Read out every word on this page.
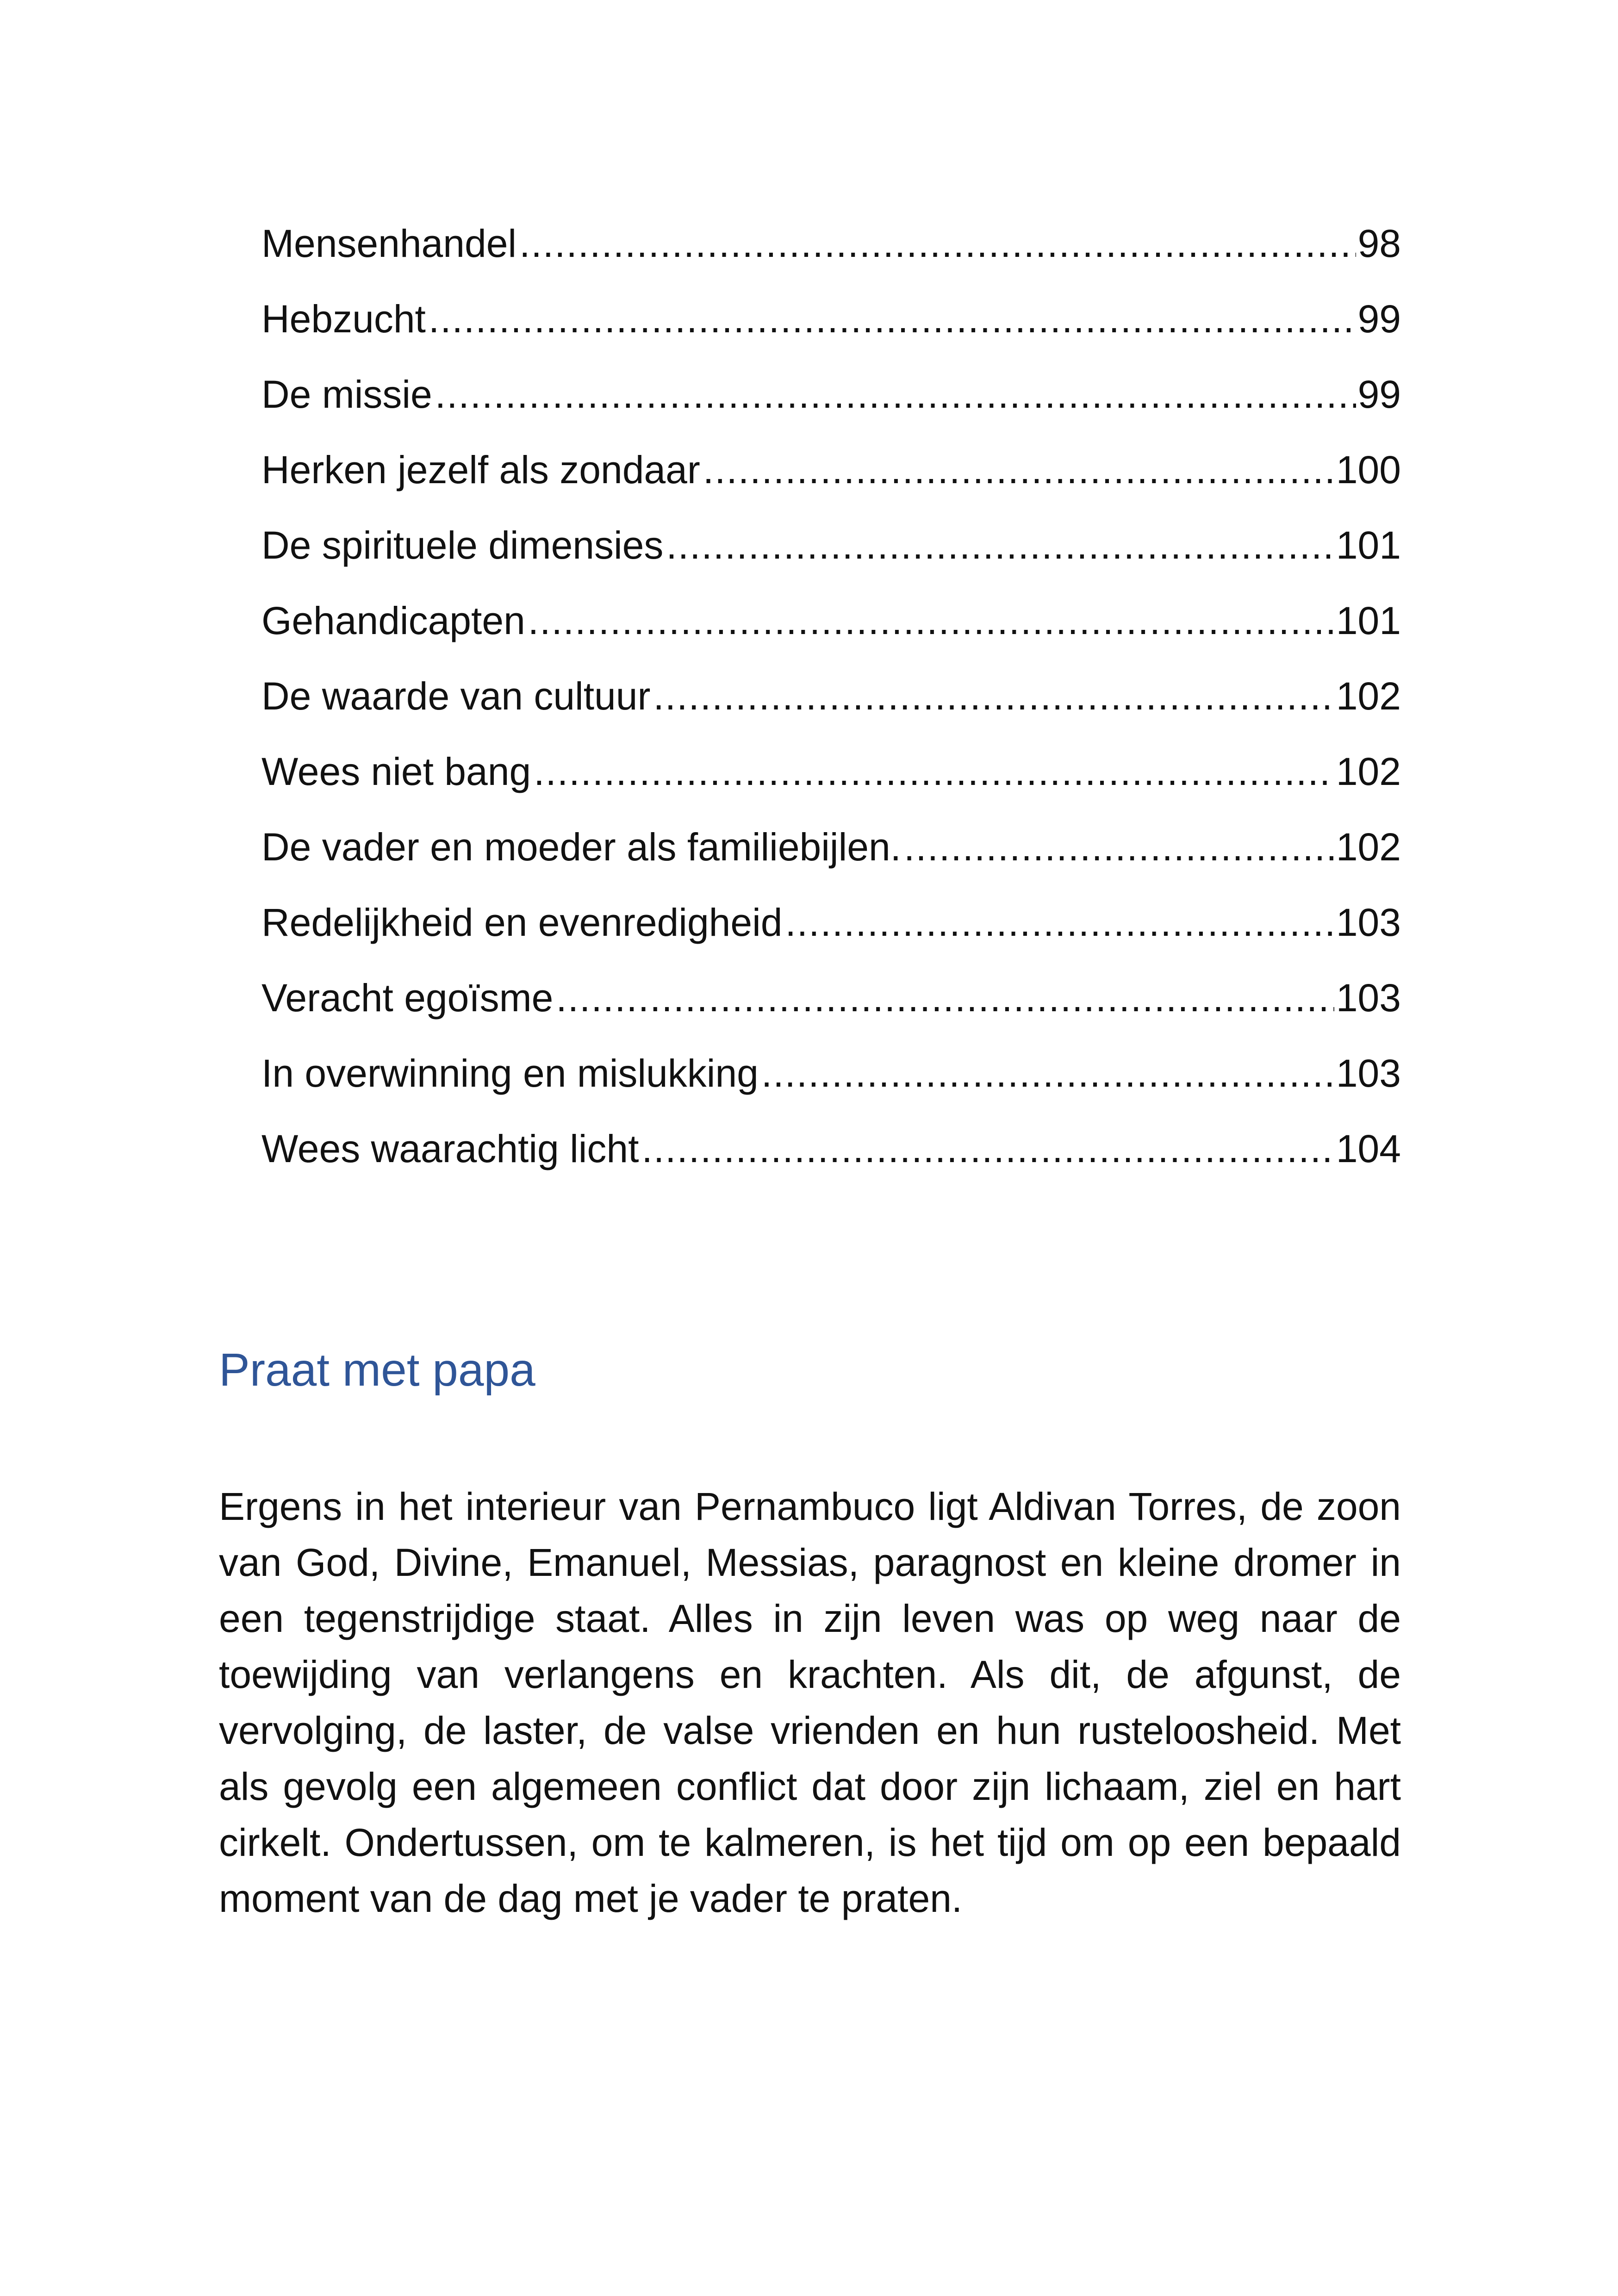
Mensenhandel .....	98
Hebzucht .....	99
De missie .....	99
Herken jezelf als zondaar .....	100
De spirituele dimensies .....	101
Gehandicapten .....	101
De waarde van cultuur .....	102
Wees niet bang .....	102
De vader en moeder als familiebijlen. .....	102
Redelijkheid en evenredigheid .....	103
Veracht egoïsme .....	103
In overwinning en mislukking .....	103
Wees waarachtig licht .....	104
Praat met papa

Ergens in het interieur van Pernambuco ligt Aldivan Torres, de zoon van God, Divine, Emanuel, Messias, paragnost en kleine dromer in een tegenstrijdige staat. Alles in zijn leven was op weg naar de toewijding van verlangens en krachten. Als dit, de afgunst, de vervolging, de laster, de valse vrienden en hun rusteloosheid. Met als gevolg een algemeen conflict dat door zijn lichaam, ziel en hart cirkelt. Ondertussen, om te kalmeren, is het tijd om op een bepaald moment van de dag met je vader te praten.
